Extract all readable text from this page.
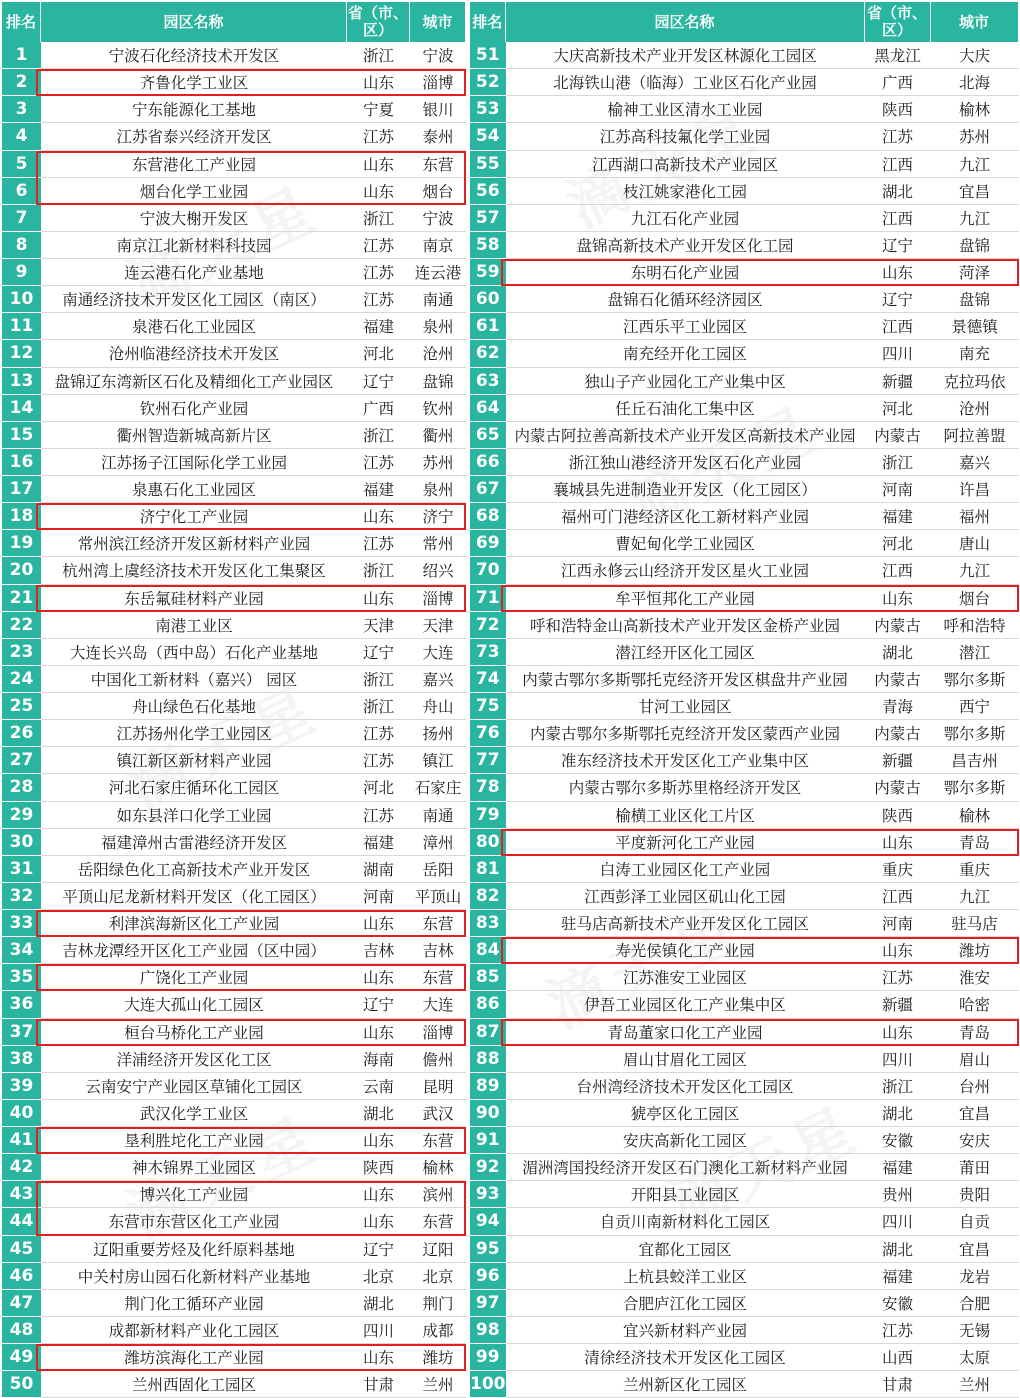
排名	园区名称	省（市、区）	城市
1	宁波石化经济技术开发区	浙江	宁波
2	齐鲁化学工业区	山东	淄博
3	宁东能源化工基地	宁夏	银川
4	江苏省泰兴经济开发区	江苏	泰州
5	东营港化工产业园	山东	东营
6	烟台化学工业园	山东	烟台
7	宁波大榭开发区	浙江	宁波
8	南京江北新材料科技园	江苏	南京
9	连云港石化产业基地	江苏	连云港
10	南通经济技术开发区化工园区（南区）	江苏	南通
11	泉港石化工业园区	福建	泉州
12	沧州临港经济技术开发区	河北	沧州
13	盘锦辽东湾新区石化及精细化工产业园区	辽宁	盘锦
14	钦州石化产业园	广西	钦州
15	衢州智造新城高新片区	浙江	衢州
16	江苏扬子江国际化学工业园	江苏	苏州
17	泉惠石化工业园区	福建	泉州
18	济宁化工产业园	山东	济宁
19	常州滨江经济开发区新材料产业园	江苏	常州
20	杭州湾上虞经济技术开发区化工集聚区	浙江	绍兴
21	东岳氟硅材料产业园	山东	淄博
22	南港工业区	天津	天津
23	大连长兴岛（西中岛）石化产业基地	辽宁	大连
24	中国化工新材料（嘉兴） 园区	浙江	嘉兴
25	舟山绿色石化基地	浙江	舟山
26	江苏扬州化学工业园区	江苏	扬州
27	镇江新区新材料产业园	江苏	镇江
28	河北石家庄循环化工园区	河北	石家庄
29	如东县洋口化学工业园	江苏	南通
30	福建漳州古雷港经济开发区	福建	漳州
31	岳阳绿色化工高新技术产业开发区	湖南	岳阳
32	平顶山尼龙新材料开发区（化工园区）	河南	平顶山
33	利津滨海新区化工产业园	山东	东营
34	吉林龙潭经开区化工产业园（区中园）	吉林	吉林
35	广饶化工产业园	山东	东营
36	大连大孤山化工园区	辽宁	大连
37	桓台马桥化工产业园	山东	淄博
38	洋浦经济开发区化工区	海南	儋州
39	云南安宁产业园区草铺化工园区	云南	昆明
40	武汉化学工业区	湖北	武汉
41	垦利胜坨化工产业园	山东	东营
42	神木锦界工业园区	陕西	榆林
43	博兴化工产业园	山东	滨州
44	东营市东营区化工产业园	山东	东营
45	辽阳重要芳烃及化纤原料基地	辽宁	辽阳
46	中关村房山园石化新材料产业基地	北京	北京
47	荆门化工循环产业园	湖北	荆门
48	成都新材料产业化工园区	四川	成都
49	潍坊滨海化工产业园	山东	潍坊
50	兰州西固化工园区	甘肃	兰州
排名	园区名称	省（市、区）	城市
51	大庆高新技术产业开发区林源化工园区	黑龙江	大庆
52	北海铁山港（临海）工业区石化产业园	广西	北海
53	榆神工业区清水工业园	陕西	榆林
54	江苏高科技氟化学工业园	江苏	苏州
55	江西湖口高新技术产业园区	江西	九江
56	枝江姚家港化工园	湖北	宜昌
57	九江石化产业园	江西	九江
58	盘锦高新技术产业开发区化工园	辽宁	盘锦
59	东明石化产业园	山东	菏泽
60	盘锦石化循环经济园区	辽宁	盘锦
61	江西乐平工业园区	江西	景德镇
62	南充经开化工园区	四川	南充
63	独山子产业园化工产业集中区	新疆	克拉玛依
64	任丘石油化工集中区	河北	沧州
65	内蒙古阿拉善高新技术产业开发区高新技术产业园	内蒙古	阿拉善盟
66	浙江独山港经济开发区石化产业园	浙江	嘉兴
67	襄城县先进制造业开发区（化工园区）	河南	许昌
68	福州可门港经济区化工新材料产业园	福建	福州
69	曹妃甸化学工业园区	河北	唐山
70	江西永修云山经济开发区星火工业园	江西	九江
71	牟平恒邦化工产业园	山东	烟台
72	呼和浩特金山高新技术产业开发区金桥产业园	内蒙古	呼和浩特
73	潜江经开区化工园区	湖北	潜江
74	内蒙古鄂尔多斯鄂托克经济开发区棋盘井产业园	内蒙古	鄂尔多斯
75	甘河工业园区	青海	西宁
76	内蒙古鄂尔多斯鄂托克经济开发区蒙西产业园	内蒙古	鄂尔多斯
77	准东经济技术开发区化工产业集中区	新疆	昌吉州
78	内蒙古鄂尔多斯苏里格经济开发区	内蒙古	鄂尔多斯
79	榆横工业区化工片区	陕西	榆林
80	平度新河化工产业园	山东	青岛
81	白涛工业园区化工产业园	重庆	重庆
82	江西彭泽工业园区矶山化工园	江西	九江
83	驻马店高新技术产业开发区化工园区	河南	驻马店
84	寿光侯镇化工产业园	山东	潍坊
85	江苏淮安工业园区	江苏	淮安
86	伊吾工业园区化工产业集中区	新疆	哈密
87	青岛董家口化工产业园	山东	青岛
88	眉山甘眉化工园区	四川	眉山
89	台州湾经济技术开发区化工园区	浙江	台州
90	猇亭区化工园区	湖北	宜昌
91	安庆高新化工园区	安徽	安庆
92	湄洲湾国投经济开发区石门澳化工新材料产业园	福建	莆田
93	开阳县工业园区	贵州	贵阳
94	自贡川南新材料化工园区	四川	自贡
95	宜都化工园区	湖北	宜昌
96	上杭县蛟洋工业区	福建	龙岩
97	合肥庐江化工园区	安徽	合肥
98	宜兴新材料产业园	江苏	无锡
99	清徐经济技术开发区化工园区	山西	太原
100	兰州新区化工园区	甘肃	兰州
